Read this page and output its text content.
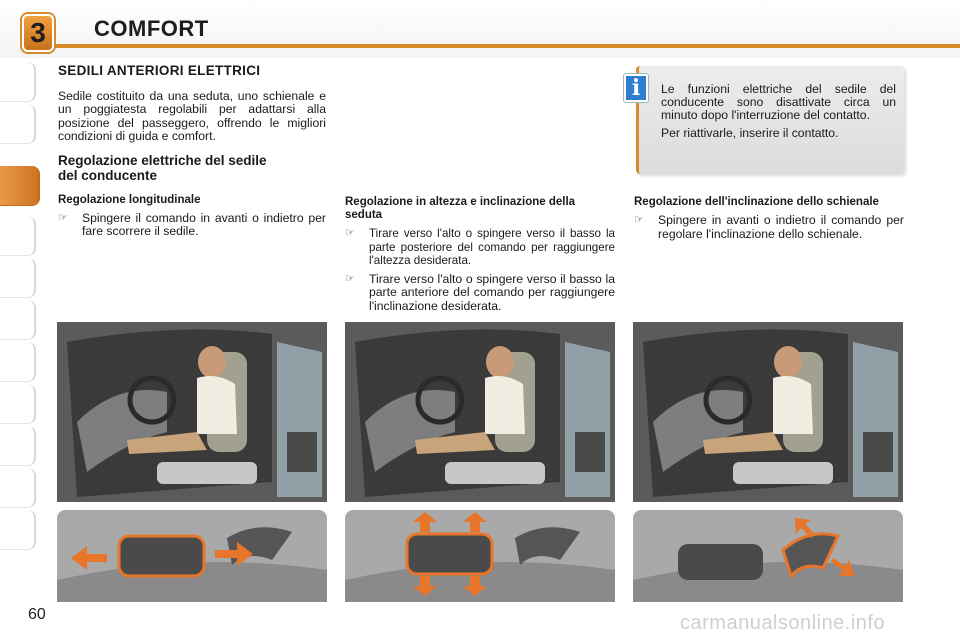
3	COMFORT
60
SEDILI ANTERIORI ELETTRICI
Sedile costituito da una seduta, uno schienale e un poggiatesta regolabili per adattarsi alla posizione del passeggero, offrendo le migliori condizioni di guida e comfort.
Regolazione elettriche del sedile del conducente
Regolazione longitudinale
☞ Spingere il comando in avanti o indietro per fare scorrere il sedile.
Regolazione in altezza e inclinazione della seduta
☞ Tirare verso l'alto o spingere verso il basso la parte posteriore del comando per raggiungere l'altezza desiderata.
☞ Tirare verso l'alto o spingere verso il basso la parte anteriore del comando per raggiungere l'inclinazione desiderata.
Regolazione dell'inclinazione dello schienale
☞ Spingere in avanti o indietro il comando per regolare l'inclinazione dello schienale.
Le funzioni elettriche del sedile del conducente sono disattivate circa un minuto dopo l'interruzione del contatto.
Per riattivarle, inserire il contatto.
i
carmanualsonline.info
